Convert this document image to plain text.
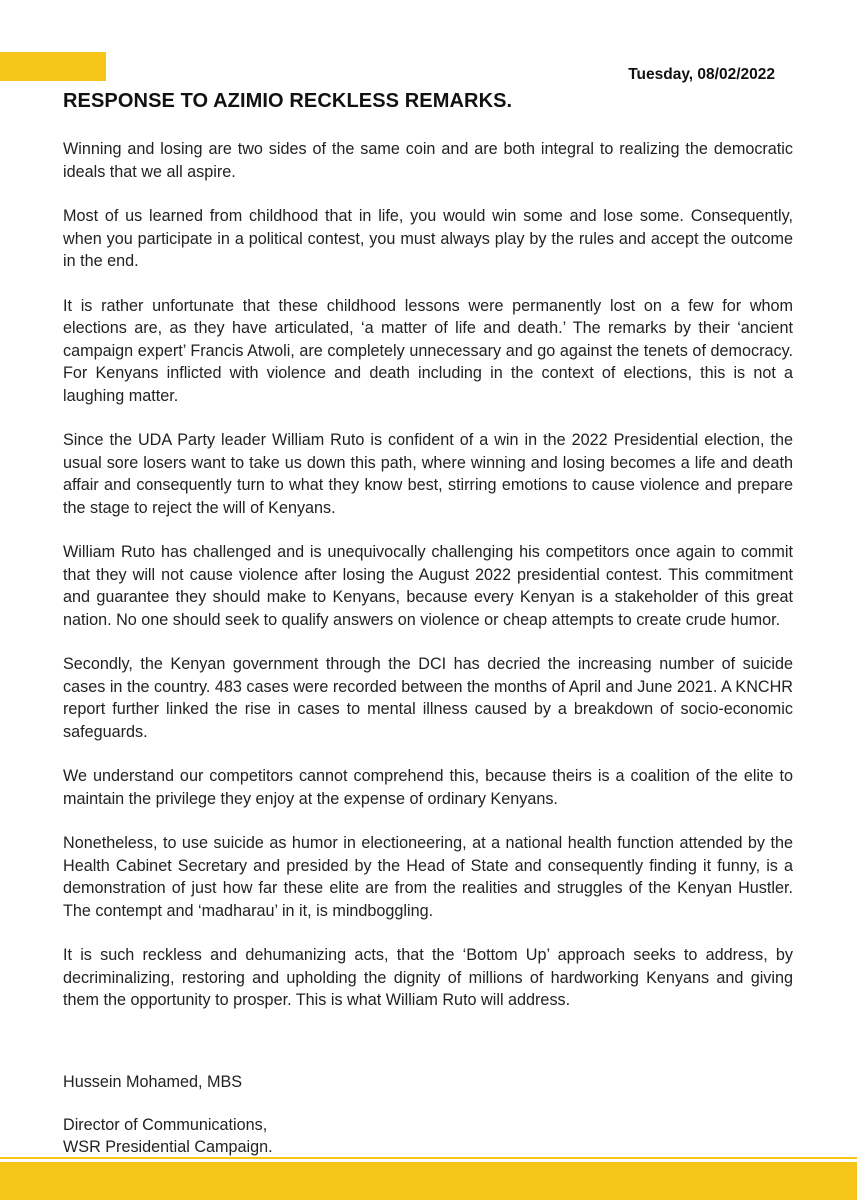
Tuesday, 08/02/2022
RESPONSE TO AZIMIO RECKLESS REMARKS.

Winning and losing are two sides of the same coin and are both integral to realizing the democratic ideals that we all aspire.

Most of us learned from childhood that in life, you would win some and lose some. Consequently, when you participate in a political contest, you must always play by the rules and accept the outcome in the end.

It is rather unfortunate that these childhood lessons were permanently lost on a few for whom elections are, as they have articulated, ‘a matter of life and death.’ The remarks by their ‘ancient campaign expert’ Francis Atwoli, are completely unnecessary and go against the tenets of democracy. For Kenyans inflicted with violence and death including in the context of elections, this is not a laughing matter.

Since the UDA Party leader William Ruto is confident of a win in the 2022 Presidential election, the usual sore losers want to take us down this path, where winning and losing becomes a life and death affair and consequently turn to what they know best, stirring emotions to cause violence and prepare the stage to reject the will of Kenyans.

William Ruto has challenged and is unequivocally challenging his competitors once again to commit that they will not cause violence after losing the August 2022 presidential contest. This commitment and guarantee they should make to Kenyans, because every Kenyan is a stakeholder of this great nation. No one should seek to qualify answers on violence or cheap attempts to create crude humor.

Secondly, the Kenyan government through the DCI has decried the increasing number of suicide cases in the country. 483 cases were recorded between the months of April and June 2021. A KNCHR report further linked the rise in cases to mental illness caused by a breakdown of socio-economic safeguards.

We understand our competitors cannot comprehend this, because theirs is a coalition of the elite to maintain the privilege they enjoy at the expense of ordinary Kenyans.

Nonetheless, to use suicide as humor in electioneering, at a national health function attended by the Health Cabinet Secretary and presided by the Head of State and consequently finding it funny, is a demonstration of just how far these elite are from the realities and struggles of the Kenyan Hustler. The contempt and ‘madharau’ in it, is mindboggling.

It is such reckless and dehumanizing acts, that the ‘Bottom Up’ approach seeks to address, by decriminalizing, restoring and upholding the dignity of millions of hardworking Kenyans and giving them the opportunity to prosper. This is what William Ruto will address.

Hussein Mohamed, MBS
Director of Communications,
WSR Presidential Campaign.
